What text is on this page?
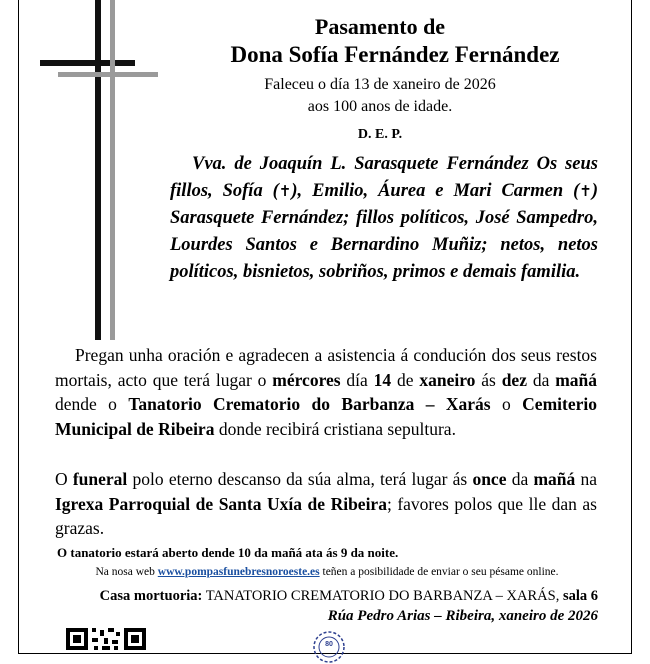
Pasamento de
Dona Sofía Fernández Fernández
Faleceu o día 13 de xaneiro de 2026
aos 100 anos de idade.
D. E. P.
Vva. de Joaquín L. Sarasquete Fernández Os seus fillos, Sofía (✝), Emilio, Áurea e Mari Carmen (✝) Sarasquete Fernández; fillos políticos, José Sampedro, Lourdes Santos e Bernardino Muñiz; netos, netos políticos, bisnietos, sobriños, primos e demais familia.
Pregan unha oración e agradecen a asistencia á condución dos seus restos mortais, acto que terá lugar o mércores día 14 de xaneiro ás dez da mañá dende o Tanatorio Crematorio do Barbanza – Xarás o Cemiterio Municipal de Ribeira donde recibirá cristiana sepultura.
O funeral polo eterno descanso da súa alma, terá lugar ás once da mañá na Igrexa Parroquial de Santa Uxía de Ribeira; favores polos que lle dan as grazas.
O tanatorio estará aberto dende 10 da mañá ata ás 9 da noite.
Na nosa web www.pompasfunebresnoroeste.es teñen a posibilidade de enviar o seu pésame online.
Casa mortuoria: TANATORIO CREMATORIO DO BARBANZA – XARÁS, sala 6
Rúa Pedro Arias – Ribeira, xaneiro de 2026
80
